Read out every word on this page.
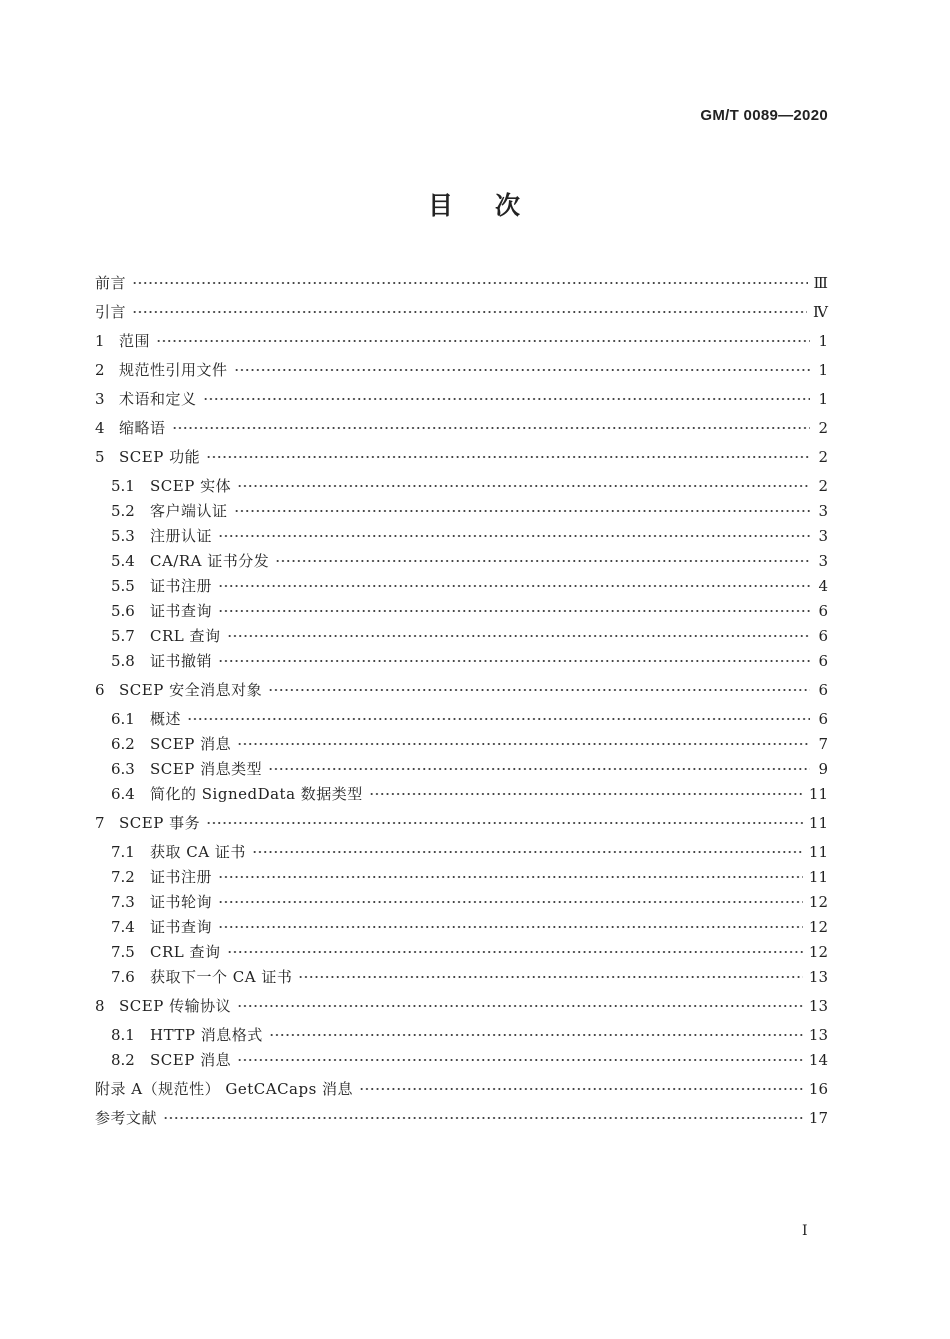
GM/T 0089—2020
目 次
前言	Ⅲ
引言	Ⅳ
1 范围	1
2 规范性引用文件	1
3 术语和定义	1
4 缩略语	2
5 SCEP 功能	2
5.1	SCEP 实体	2
5.2	客户端认证	3
5.3	注册认证	3
5.4	CA/RA 证书分发	3
5.5	证书注册	4
5.6	证书查询	6
5.7	CRL 查询	6
5.8	证书撤销	6
6 SCEP 安全消息对象	6
6.1	概述	6
6.2	SCEP 消息	7
6.3	SCEP 消息类型	9
6.4	简化的 SignedData 数据类型	11
7 SCEP 事务	11
7.1	获取 CA 证书	11
7.2	证书注册	11
7.3	证书轮询	12
7.4	证书查询	12
7.5	CRL 查询	12
7.6	获取下一个 CA 证书	13
8 SCEP 传输协议	13
8.1	HTTP 消息格式	13
8.2	SCEP 消息	14
附录 A（规范性） GetCACaps 消息	16
参考文献	17
I
